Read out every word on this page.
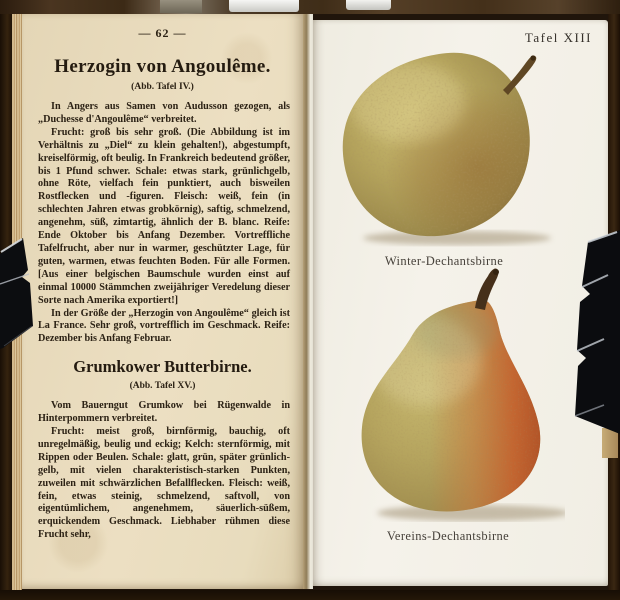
— 62 —
Herzogin von Angoulême.
(Abb. Tafel IV.)

In Angers aus Samen von Audusson gezogen, als „Duchesse d'Angoulême“ verbreitet.

Frucht: groß bis sehr groß. (Die Abbildung ist im Verhältnis zu „Diel“ zu klein gehalten!), abgestumpft, kreiselförmig, oft beulig. In Frankreich bedeutend größer, bis 1 Pfund schwer. Schale: etwas stark, grünlichgelb, ohne Röte, vielfach fein punktiert, auch bisweilen Rostflecken und -figuren. Fleisch: weiß, fein (in schlechten Jahren etwas grobkörnig), saftig, schmelzend, angenehm, süß, zimtartig, ähnlich der B. blanc. Reife: Ende Oktober bis Anfang Dezember. Vortreffliche Tafelfrucht, aber nur in warmer, geschützter Lage, für guten, warmen, etwas feuchten Boden. Für alle Formen. [Aus einer belgischen Baumschule wurden einst auf einmal 10000 Stämmchen zweijähriger Veredelung dieser Sorte nach Amerika exportiert!]

In der Größe der „Herzogin von Angoulême“ gleich ist La France. Sehr groß, vortrefflich im Geschmack. Reife: Dezember bis Anfang Februar.

Grumkower Butterbirne.
(Abb. Tafel XV.)

Vom Bauerngut Grumkow bei Rügenwalde in Hinterpommern verbreitet.

Frucht: meist groß, birnförmig, bauchig, oft unregelmäßig, beulig und eckig; Kelch: sternförmig, mit Rippen oder Beulen. Schale: glatt, grün, später grünlich-gelb, mit vielen charakteristisch-starken Punkten, zuweilen mit schwärzlichen Befallflecken. Fleisch: weiß, fein, etwas steinig, schmelzend, saftvoll, von eigentümlichem, angenehmem, säuerlich-süßem, erquickendem Geschmack. Liebhaber rühmen diese Frucht sehr,

Tafel XIII
Winter-Dechantsbirne
Vereins-Dechantsbirne
